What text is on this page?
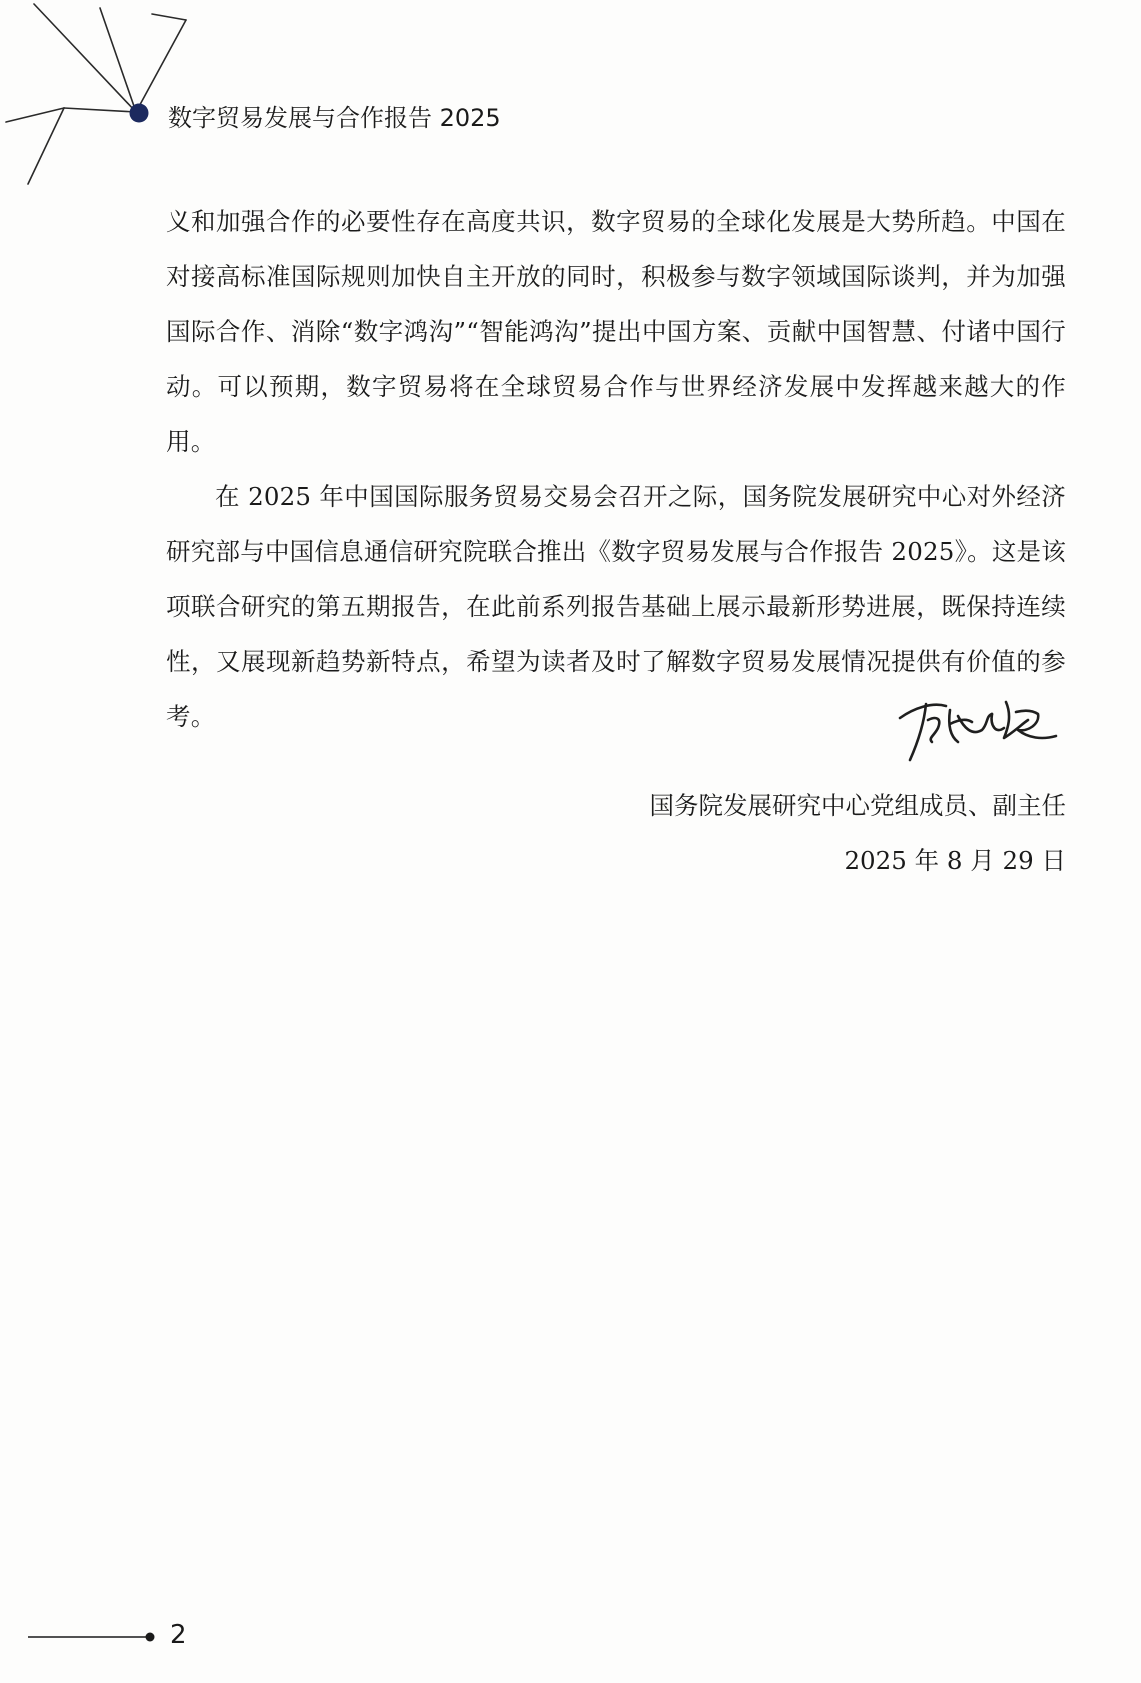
数字贸易发展与合作报告 2025

义和加强合作的必要性存在高度共识，数字贸易的全球化发展是大势所趋。中国在对接高标准国际规则加快自主开放的同时，积极参与数字领域国际谈判，并为加强国际合作、消除“数字鸿沟”“智能鸿沟”提出中国方案、贡献中国智慧、付诸中国行动。可以预期，数字贸易将在全球贸易合作与世界经济发展中发挥越来越大的作用。

在 2025 年中国国际服务贸易交易会召开之际，国务院发展研究中心对外经济研究部与中国信息通信研究院联合推出《数字贸易发展与合作报告 2025》。这是该项联合研究的第五期报告，在此前系列报告基础上展示最新形势进展，既保持连续性，又展现新趋势新特点，希望为读者及时了解数字贸易发展情况提供有价值的参考。

国务院发展研究中心党组成员、副主任
2025 年 8 月 29 日
2
